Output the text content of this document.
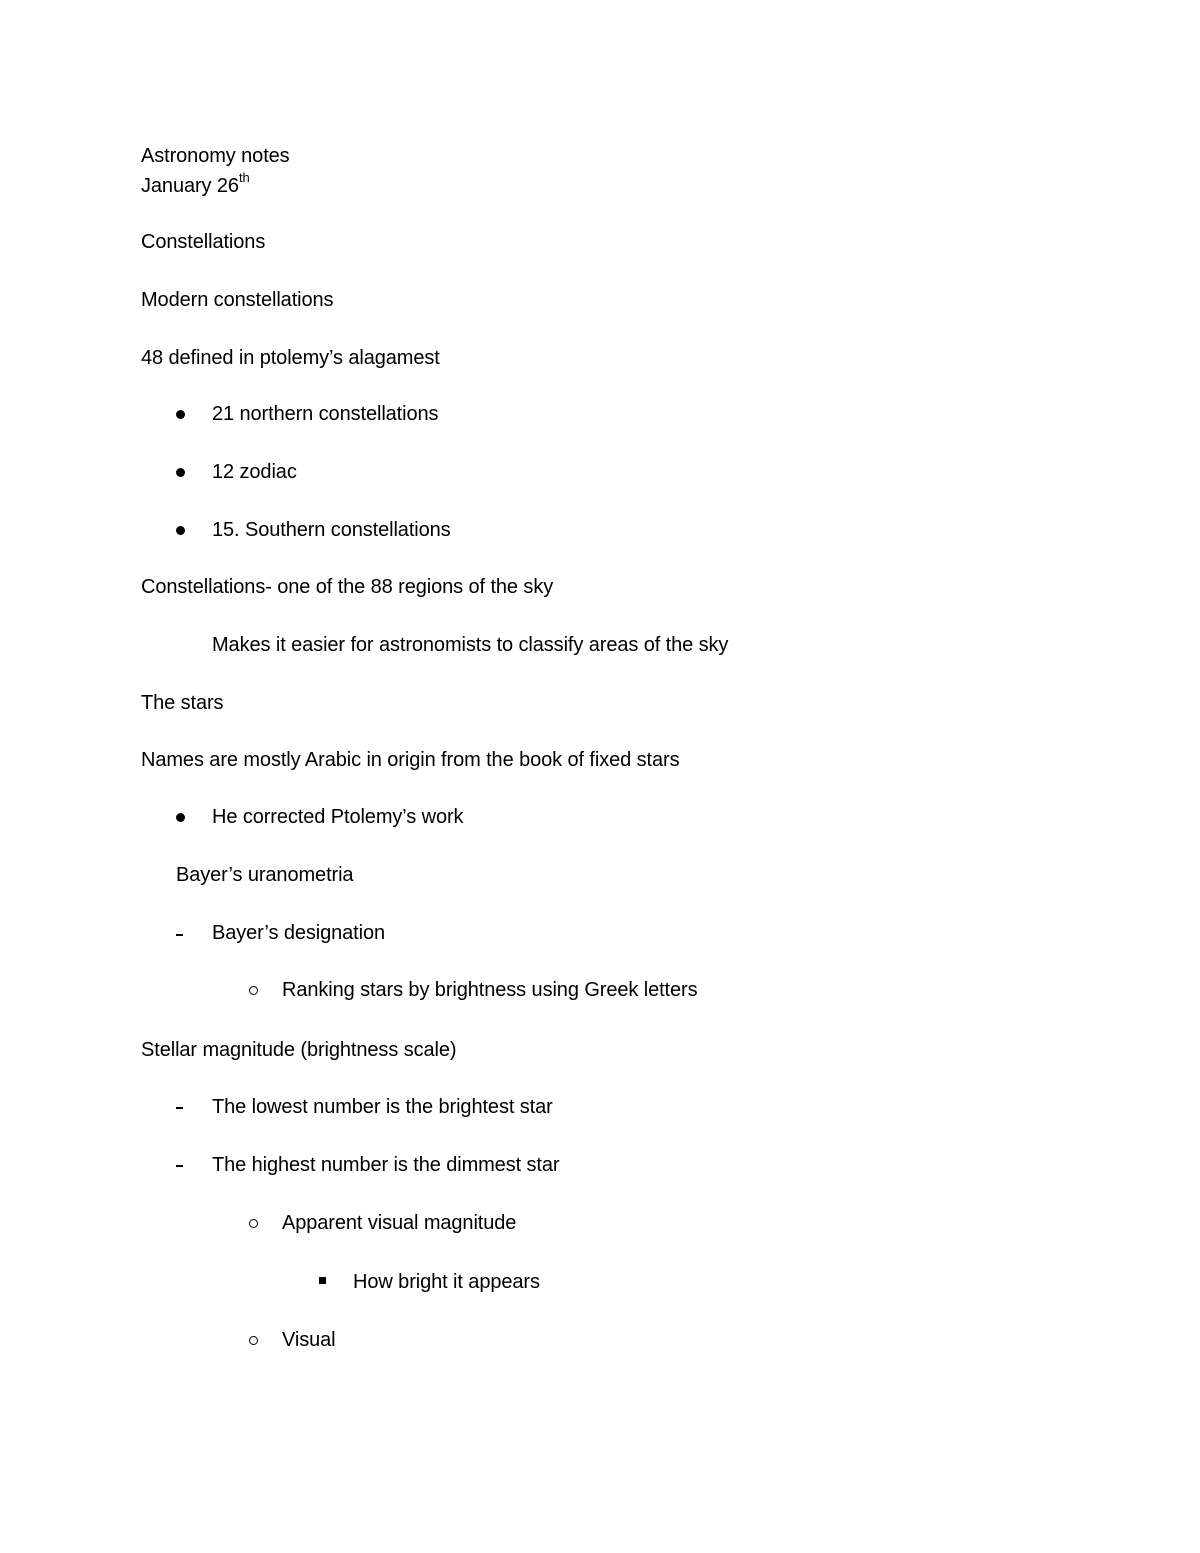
Astronomy notes
January 26th
Constellations
Modern constellations
48 defined in ptolemy’s alagamest
21 northern constellations
12 zodiac
15. Southern constellations
Constellations- one of the 88 regions of the sky
Makes it easier for astronomists to classify areas of the sky
The stars
Names are mostly Arabic in origin from the book of fixed stars
He corrected Ptolemy’s work
Bayer’s uranometria
Bayer’s designation
Ranking stars by brightness using Greek letters
Stellar magnitude (brightness scale)
The lowest number is the brightest star
The highest number is the dimmest star
Apparent visual magnitude
How bright it appears
Visual
